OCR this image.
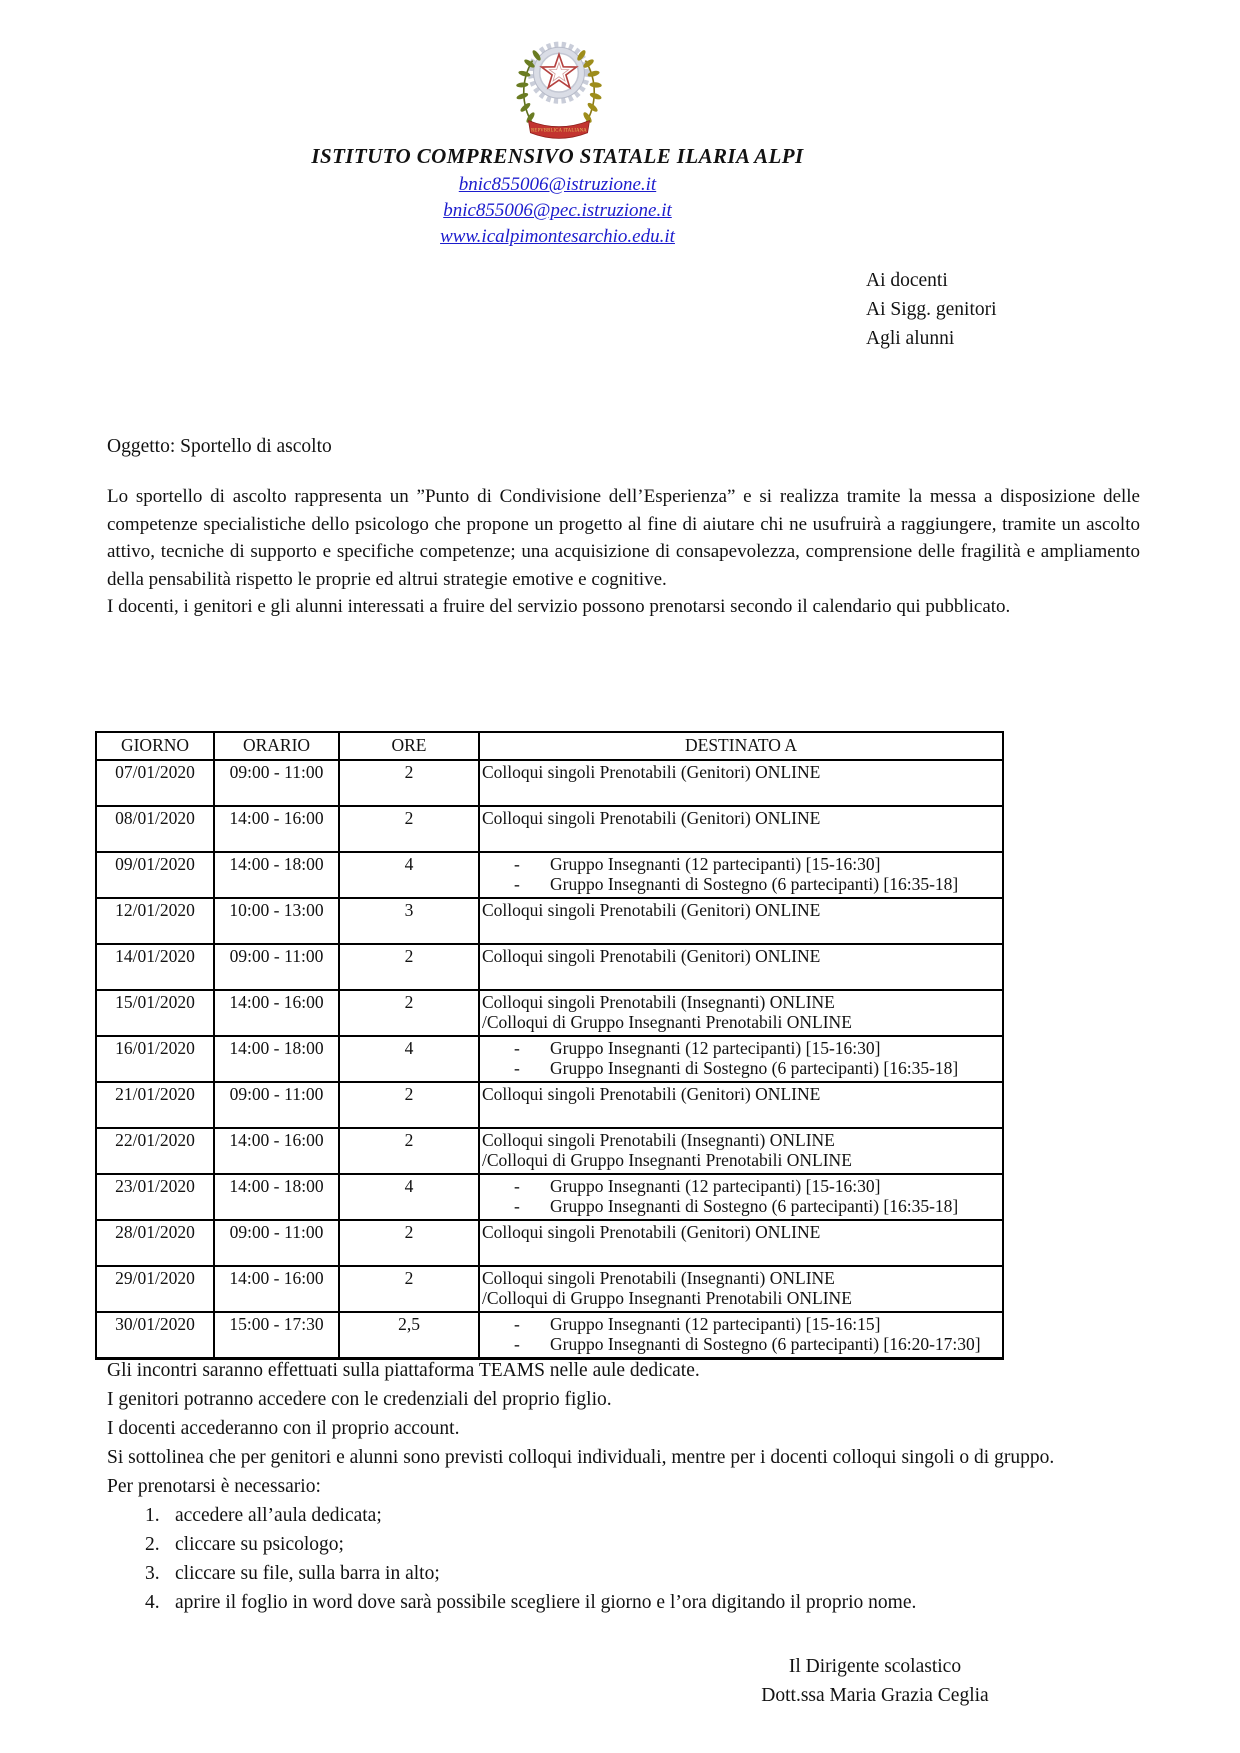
REPVBBLICA ITALIANA
ISTITUTO COMPRENSIVO STATALE ILARIA ALPI
bnic855006@istruzione.it
bnic855006@pec.istruzione.it
www.icalpimontesarchio.edu.it
Ai docenti
Ai Sigg. genitori
Agli alunni
Oggetto: Sportello di ascolto

Lo sportello di ascolto rappresenta un ”Punto di Condivisione dell’Esperienza” e si realizza tramite la messa a disposizione delle competenze specialistiche dello psicologo che propone un progetto al fine di aiutare chi ne usufruirà a raggiungere, tramite un ascolto attivo, tecniche di supporto e specifiche competenze; una acquisizione di consapevolezza, comprensione delle fragilità e ampliamento della pensabilità rispetto le proprie ed altrui strategie emotive e cognitive.

I docenti, i genitori e gli alunni interessati a fruire del servizio possono prenotarsi secondo il calendario qui pubblicato.

GIORNO	ORARIO	ORE	DESTINATO A
07/01/2020	09:00 - 11:00	2	Colloqui singoli Prenotabili (Genitori) ONLINE

08/01/2020	14:00 - 16:00	2	Colloqui singoli Prenotabili (Genitori) ONLINE

09/01/2020	14:00 - 18:00	4	- Gruppo Insegnanti (12 partecipanti) [15-16:30]
- Gruppo Insegnanti di Sostegno (6 partecipanti) [16:35-18]

12/01/2020	10:00 - 13:00	3	Colloqui singoli Prenotabili (Genitori) ONLINE

14/01/2020	09:00 - 11:00	2	Colloqui singoli Prenotabili (Genitori) ONLINE

15/01/2020	14:00 - 16:00	2	Colloqui singoli Prenotabili (Insegnanti) ONLINE
/Colloqui di Gruppo Insegnanti Prenotabili ONLINE

16/01/2020	14:00 - 18:00	4	- Gruppo Insegnanti (12 partecipanti) [15-16:30]
- Gruppo Insegnanti di Sostegno (6 partecipanti) [16:35-18]

21/01/2020	09:00 - 11:00	2	Colloqui singoli Prenotabili (Genitori) ONLINE

22/01/2020	14:00 - 16:00	2	Colloqui singoli Prenotabili (Insegnanti) ONLINE
/Colloqui di Gruppo Insegnanti Prenotabili ONLINE

23/01/2020	14:00 - 18:00	4	- Gruppo Insegnanti (12 partecipanti) [15-16:30]
- Gruppo Insegnanti di Sostegno (6 partecipanti) [16:35-18]

28/01/2020	09:00 - 11:00	2	Colloqui singoli Prenotabili (Genitori) ONLINE

29/01/2020	14:00 - 16:00	2	Colloqui singoli Prenotabili (Insegnanti) ONLINE
/Colloqui di Gruppo Insegnanti Prenotabili ONLINE

30/01/2020	15:00 - 17:30	2,5	- Gruppo Insegnanti (12 partecipanti) [15-16:15]
- Gruppo Insegnanti di Sostegno (6 partecipanti) [16:20-17:30]
Gli incontri saranno effettuati sulla piattaforma TEAMS nelle aule dedicate.
I genitori potranno accedere con le credenziali del proprio figlio.
I docenti accederanno con il proprio account.
Si sottolinea che per genitori e alunni sono previsti colloqui individuali, mentre per i docenti colloqui singoli o di gruppo.
Per prenotarsi è necessario:
1. accedere all’aula dedicata;
2. cliccare su psicologo;
3. cliccare su file, sulla barra in alto;
4. aprire il foglio in word dove sarà possibile scegliere il giorno e l’ora digitando il proprio nome.
Il Dirigente scolastico
Dott.ssa Maria Grazia Ceglia
